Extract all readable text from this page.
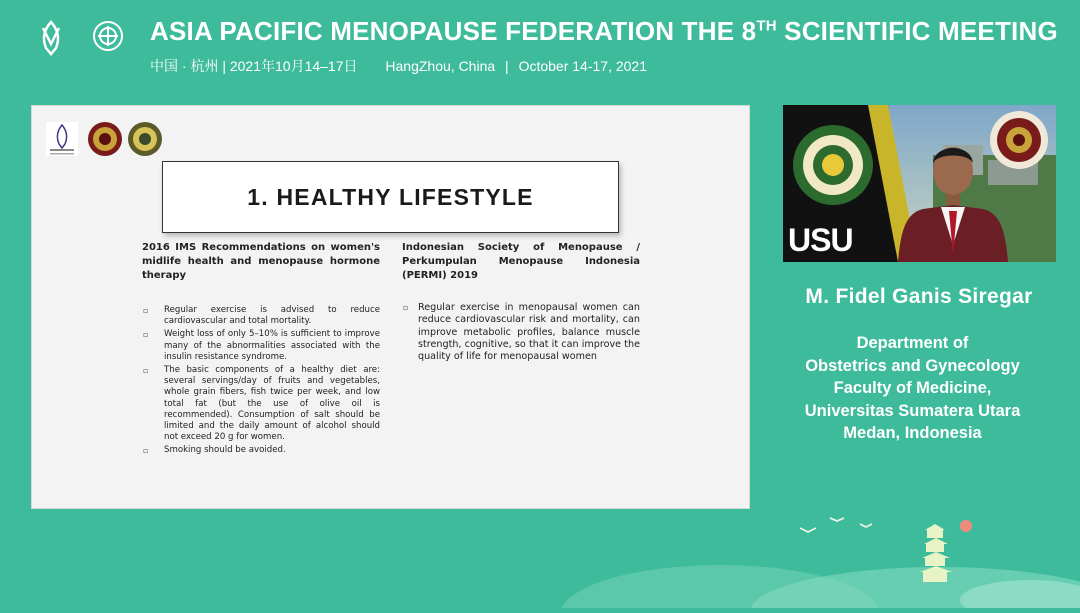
ASIA PACIFIC MENOPAUSE FEDERATION THE 8TH SCIENTIFIC MEETING
中国 · 杭州 | 2021年10月14–17日 HangZhou, China | October 14-17, 2021
1. HEALTHY LIFESTYLE
2016 IMS Recommendations on women's midlife health and menopause hormone therapy
▫ Regular exercise is advised to reduce cardiovascular and total mortality.
▫ Weight loss of only 5–10% is sufficient to improve many of the abnormalities associated with the insulin resistance syndrome.
▫ The basic components of a healthy diet are: several servings/day of fruits and vegetables, whole grain fibers, fish twice per week, and low total fat (but the use of olive oil is recommended). Consumption of salt should be limited and the daily amount of alcohol should not exceed 20 g for women.
▫ Smoking should be avoided.
Indonesian Society of Menopause / Perkumpulan Menopause Indonesia (PERMI) 2019
▫ Regular exercise in menopausal women can reduce cardiovascular risk and mortality, can improve metabolic profiles, balance muscle strength, cognitive, so that it can improve the quality of life for menopausal women
USU
M. Fidel Ganis Siregar
Department of
Obstetrics and Gynecology
Faculty of Medicine,
Universitas Sumatera Utara
Medan, Indonesia
